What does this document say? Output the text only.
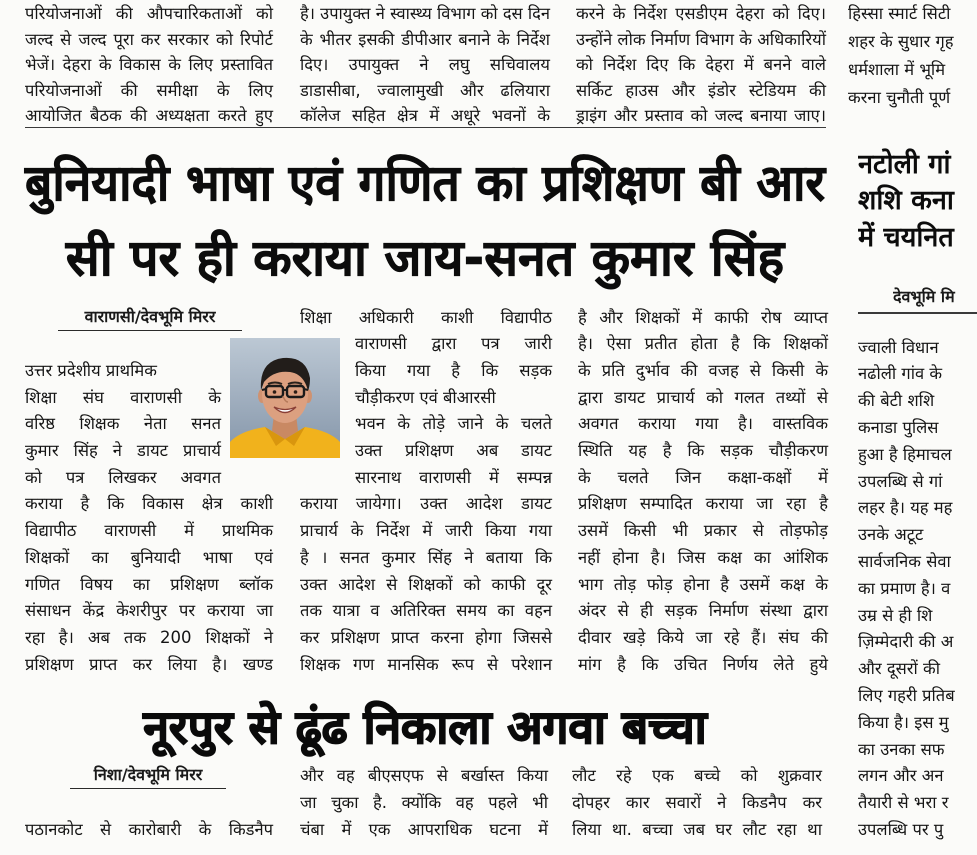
परियोजनाओं की औपचारिकताओं को
जल्द से जल्द पूरा कर सरकार को रिपोर्ट
भेजें। देहरा के विकास के लिए प्रस्तावित
परियोजनाओं की समीक्षा के लिए
आयोजित बैठक की अध्यक्षता करते हुए
है। उपायुक्त ने स्वास्थ्य विभाग को दस दिन
के भीतर इसकी डीपीआर बनाने के निर्देश
दिए। उपायुक्त ने लघु सचिवालय
डाडासीबा, ज्वालामुखी और ढलियारा
कॉलेज सहित क्षेत्र में अधूरे भवनों के
करने के निर्देश एसडीएम देहरा को दिए।
उन्होंने लोक निर्माण विभाग के अधिकारियों
को निर्देश दिए कि देहरा में बनने वाले
सर्किट हाउस और इंडोर स्टेडियम की
ड्राइंग और प्रस्ताव को जल्द बनाया जाए।
हिस्सा स्मार्ट सिटी
शहर के सुधार गृह
धर्मशाला में भूमि
करना चुनौती पूर्ण
बुनियादी भाषा एवं गणित का प्रशिक्षण बी आर
सी पर ही कराया जाय-सनत कुमार सिंह
वाराणसी/देवभूमि मिरर
उत्तर प्रदेशीय प्राथमिक
शिक्षा संघ वाराणसी के
वरिष्ठ शिक्षक नेता सनत
कुमार सिंह ने डायट प्राचार्य
को पत्र लिखकर अवगत
कराया है कि विकास क्षेत्र काशी
विद्यापीठ वाराणसी में प्राथमिक
शिक्षकों का बुनियादी भाषा एवं
गणित विषय का प्रशिक्षण ब्लॉक
संसाधन केंद्र केशरीपुर पर कराया जा
रहा है। अब तक 200 शिक्षकों ने
प्रशिक्षण प्राप्त कर लिया है। खण्ड
शिक्षा अधिकारी काशी विद्यापीठ
वाराणसी द्वारा पत्र जारी
किया गया है कि सड़क
चौड़ीकरण एवं बीआरसी
भवन के तोड़े जाने के चलते
उक्त प्रशिक्षण अब डायट
सारनाथ वाराणसी में सम्पन्न
कराया जायेगा। उक्त आदेश डायट
प्राचार्य के निर्देश में जारी किया गया
है । सनत कुमार सिंह ने बताया कि
उक्त आदेश से शिक्षकों को काफी दूर
तक यात्रा व अतिरिक्त समय का वहन
कर प्रशिक्षण प्राप्त करना होगा जिससे
शिक्षक गण मानसिक रूप से परेशान
है और शिक्षकों में काफी रोष व्याप्त
है। ऐसा प्रतीत होता है कि शिक्षकों
के प्रति दुर्भाव की वजह से किसी के
द्वारा डायट प्राचार्य को गलत तथ्यों से
अवगत कराया गया है। वास्तविक
स्थिति यह है कि सड़क चौड़ीकरण
के चलते जिन कक्षा-कक्षों में
प्रशिक्षण सम्पादित कराया जा रहा है
उसमें किसी भी प्रकार से तोड़फोड़
नहीं होना है। जिस कक्ष का आंशिक
भाग तोड़ फोड़ होना है उसमें कक्ष के
अंदर से ही सड़क निर्माण संस्था द्वारा
दीवार खड़े किये जा रहे हैं। संघ की
मांग है कि उचित निर्णय लेते हुये
नूरपुर से ढूंढ निकाला अगवा बच्चा
निशा/देवभूमि मिरर
पठानकोट से कारोबारी के किडनैप
और वह बीएसएफ से बर्खास्त किया
जा चुका है. क्योंकि वह पहले भी
चंबा में एक आपराधिक घटना में
लौट रहे एक बच्चे को शुक्रवार
दोपहर कार सवारों ने किडनैप कर
लिया था. बच्चा जब घर लौट रहा था
नटोली गां
शशि कना
में चयनित
देवभूमि मि
ज्वाली विधान
नढोली गांव के
की बेटी शशि
कनाडा पुलिस
हुआ है हिमाचल
उपलब्धि से गां
लहर है। यह मह
उनके अटूट
सार्वजनिक सेवा
का प्रमाण है। व
उम्र से ही शि
ज़िम्मेदारी की अ
और दूसरों की
लिए गहरी प्रतिब
किया है। इस मु
का उनका सफ
लगन और अन
तैयारी से भरा र
उपलब्धि पर पु
